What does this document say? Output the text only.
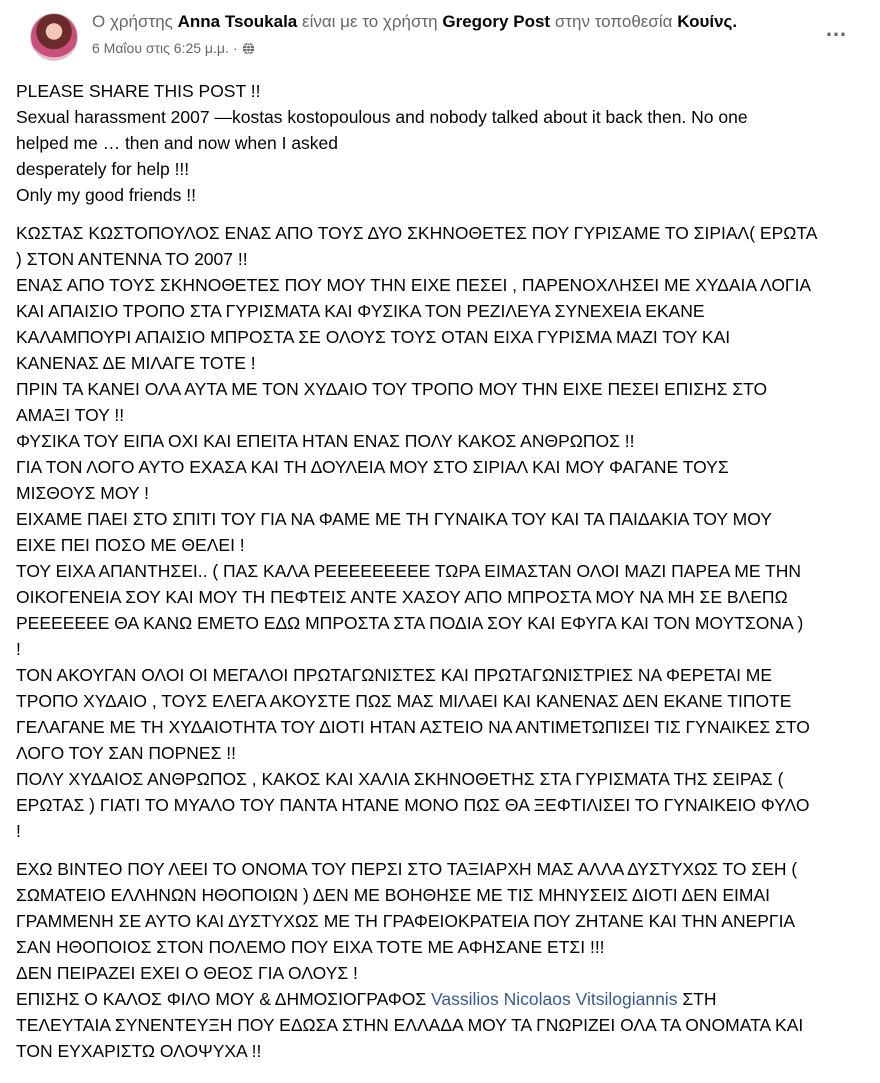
Ο χρήστης Anna Tsoukala είναι με το χρήστη Gregory Post στην τοποθεσία Κουίνς.
6 Μαΐου στις 6:25 μ.μ. ·
…
PLEASE SHARE THIS POST !!
Sexual harassment 2007 —kostas kostopoulous and nobody talked about it back then. No one
helped me … then and now when I asked
desperately for help !!!
Only my good friends !!
ΚΩΣΤΑΣ ΚΩΣΤΟΠΟΥΛΟΣ ΕΝΑΣ ΑΠΟ ΤΟΥΣ ΔΥΟ ΣΚΗΝΟΘΕΤΕΣ ΠΟΥ ΓΥΡΙΣΑΜΕ ΤΟ ΣΙΡΙΑΛ( ΕΡΩΤΑ
) ΣΤΟΝ ΑΝΤΕΝΝΑ ΤΟ 2007 !!
ΕΝΑΣ ΑΠΟ ΤΟΥΣ ΣΚΗΝΟΘΕΤΕΣ ΠΟΥ ΜΟΥ ΤΗΝ ΕΙΧΕ ΠΕΣΕΙ , ΠΑΡΕΝΟΧΛΗΣΕΙ ΜΕ ΧΥΔΑΙΑ ΛΟΓΙΑ
ΚΑΙ ΑΠΑΙΣΙΟ ΤΡΟΠΟ ΣΤΑ ΓΥΡΙΣΜΑΤΑ ΚΑΙ ΦΥΣΙΚΑ ΤΟΝ ΡΕΖΙΛΕΥΑ ΣΥΝΕΧΕΙΑ ΕΚΑΝΕ
ΚΑΛΑΜΠΟΥΡΙ ΑΠΑΙΣΙΟ ΜΠΡΟΣΤΑ ΣΕ ΟΛΟΥΣ ΤΟΥΣ ΟΤΑΝ ΕΙΧΑ ΓΥΡΙΣΜΑ ΜΑΖΙ ΤΟΥ ΚΑΙ
ΚΑΝΕΝΑΣ ΔΕ ΜΙΛΑΓΕ ΤΟΤΕ !
ΠΡΙΝ ΤΑ ΚΑΝΕΙ ΟΛΑ ΑΥΤΑ ΜΕ ΤΟΝ ΧΥΔΑΙΟ ΤΟΥ ΤΡΟΠΟ ΜΟΥ ΤΗΝ ΕΙΧΕ ΠΕΣΕΙ ΕΠΙΣΗΣ ΣΤΟ
ΑΜΑΞΙ ΤΟΥ !!
ΦΥΣΙΚΑ ΤΟΥ ΕΙΠΑ ΟΧΙ ΚΑΙ ΕΠΕΙΤΑ ΗΤΑΝ ΕΝΑΣ ΠΟΛΥ ΚΑΚΟΣ ΑΝΘΡΩΠΟΣ !!
ΓΙΑ ΤΟΝ ΛΟΓΟ ΑΥΤΟ ΕΧΑΣΑ ΚΑΙ ΤΗ ΔΟΥΛΕΙΑ ΜΟΥ ΣΤΟ ΣΙΡΙΑΛ ΚΑΙ ΜΟΥ ΦΑΓΑΝΕ ΤΟΥΣ
ΜΙΣΘΟΥΣ ΜΟΥ !
ΕΙΧΑΜΕ ΠΑΕΙ ΣΤΟ ΣΠΙΤΙ ΤΟΥ ΓΙΑ ΝΑ ΦΑΜΕ ΜΕ ΤΗ ΓΥΝΑΙΚΑ ΤΟΥ ΚΑΙ ΤΑ ΠΑΙΔΑΚΙΑ ΤΟΥ ΜΟΥ
ΕΙΧΕ ΠΕΙ ΠΟΣΟ ΜΕ ΘΕΛΕΙ !
ΤΟΥ ΕΙΧΑ ΑΠΑΝΤΗΣΕΙ.. ( ΠΑΣ ΚΑΛΑ ΡΕΕΕΕΕΕΕΕΕ ΤΩΡΑ ΕΙΜΑΣΤΑΝ ΟΛΟΙ ΜΑΖΙ ΠΑΡΕΑ ΜΕ ΤΗΝ
ΟΙΚΟΓΕΝΕΙΑ ΣΟΥ ΚΑΙ ΜΟΥ ΤΗ ΠΕΦΤΕΙΣ ΑΝΤΕ ΧΑΣΟΥ ΑΠΟ ΜΠΡΟΣΤΑ ΜΟΥ ΝΑ ΜΗ ΣΕ ΒΛΕΠΩ
ΡΕΕΕΕΕΕΕ ΘΑ ΚΑΝΩ ΕΜΕΤΟ ΕΔΩ ΜΠΡΟΣΤΑ ΣΤΑ ΠΟΔΙΑ ΣΟΥ ΚΑΙ ΕΦΥΓΑ ΚΑΙ ΤΟΝ ΜΟΥΤΣΟΝΑ )
!
ΤΟΝ ΑΚΟΥΓΑΝ ΟΛΟΙ ΟΙ ΜΕΓΑΛΟΙ ΠΡΩΤΑΓΩΝΙΣΤΕΣ ΚΑΙ ΠΡΩΤΑΓΩΝΙΣΤΡΙΕΣ ΝΑ ΦΕΡΕΤΑΙ ΜΕ
ΤΡΟΠΟ ΧΥΔΑΙΟ , ΤΟΥΣ ΕΛΕΓΑ ΑΚΟΥΣΤΕ ΠΩΣ ΜΑΣ ΜΙΛΑΕΙ ΚΑΙ ΚΑΝΕΝΑΣ ΔΕΝ ΕΚΑΝΕ ΤΙΠΟΤΕ
ΓΕΛΑΓΑΝΕ ΜΕ ΤΗ ΧΥΔΑΙΟΤΗΤΑ ΤΟΥ ΔΙΟΤΙ ΗΤΑΝ ΑΣΤΕΙΟ ΝΑ ΑΝΤΙΜΕΤΩΠΙΣΕΙ ΤΙΣ ΓΥΝΑΙΚΕΣ ΣΤΟ
ΛΟΓΟ ΤΟΥ ΣΑΝ ΠΟΡΝΕΣ !!
ΠΟΛΥ ΧΥΔΑΙΟΣ ΑΝΘΡΩΠΟΣ , ΚΑΚΟΣ ΚΑΙ ΧΑΛΙΑ ΣΚΗΝΟΘΕΤΗΣ ΣΤΑ ΓΥΡΙΣΜΑΤΑ ΤΗΣ ΣΕΙΡΑΣ (
ΕΡΩΤΑΣ ) ΓΙΑΤΙ ΤΟ ΜΥΑΛΟ ΤΟΥ ΠΑΝΤΑ ΗΤΑΝΕ ΜΟΝΟ ΠΩΣ ΘΑ ΞΕΦΤΙΛΙΣΕΙ ΤΟ ΓΥΝΑΙΚΕΙΟ ΦΥΛΟ
!
ΕΧΩ ΒΙΝΤΕΟ ΠΟΥ ΛΕΕΙ ΤΟ ΟΝΟΜΑ ΤΟΥ ΠΕΡΣΙ ΣΤΟ ΤΑΞΙΑΡΧΗ ΜΑΣ ΑΛΛΑ ΔΥΣΤΥΧΩΣ ΤΟ ΣΕΗ (
ΣΩΜΑΤΕΙΟ ΕΛΛΗΝΩΝ ΗΘΟΠΟΙΩΝ ) ΔΕΝ ΜΕ ΒΟΗΘΗΣΕ ΜΕ ΤΙΣ ΜΗΝΥΣΕΙΣ ΔΙΟΤΙ ΔΕΝ ΕΙΜΑΙ
ΓΡΑΜΜΕΝΗ ΣΕ ΑΥΤΟ ΚΑΙ ΔΥΣΤΥΧΩΣ ΜΕ ΤΗ ΓΡΑΦΕΙΟΚΡΑΤΕΙΑ ΠΟΥ ΖΗΤΑΝΕ ΚΑΙ ΤΗΝ ΑΝΕΡΓΙΑ
ΣΑΝ ΗΘΟΠΟΙΟΣ ΣΤΟΝ ΠΟΛΕΜΟ ΠΟΥ ΕΙΧΑ ΤΟΤΕ ΜΕ ΑΦΗΣΑΝΕ ΕΤΣΙ !!!
ΔΕΝ ΠΕΙΡΑΖΕΙ ΕΧΕΙ Ο ΘΕΟΣ ΓΙΑ ΟΛΟΥΣ !
ΕΠΙΣΗΣ Ο ΚΑΛΟΣ ΦΙΛΟ ΜΟΥ & ΔΗΜΟΣΙΟΓΡΑΦΟΣ Vassilios Nicolaos Vitsilogiannis ΣΤΗ
ΤΕΛΕΥΤΑΙΑ ΣΥΝΕΝΤΕΥΞΗ ΠΟΥ ΕΔΩΣΑ ΣΤΗΝ ΕΛΛΑΔΑ ΜΟΥ ΤΑ ΓΝΩΡΙΖΕΙ ΟΛΑ ΤΑ ΟΝΟΜΑΤΑ ΚΑΙ
ΤΟΝ ΕΥΧΑΡΙΣΤΩ ΟΛΟΨΥΧΑ !!
